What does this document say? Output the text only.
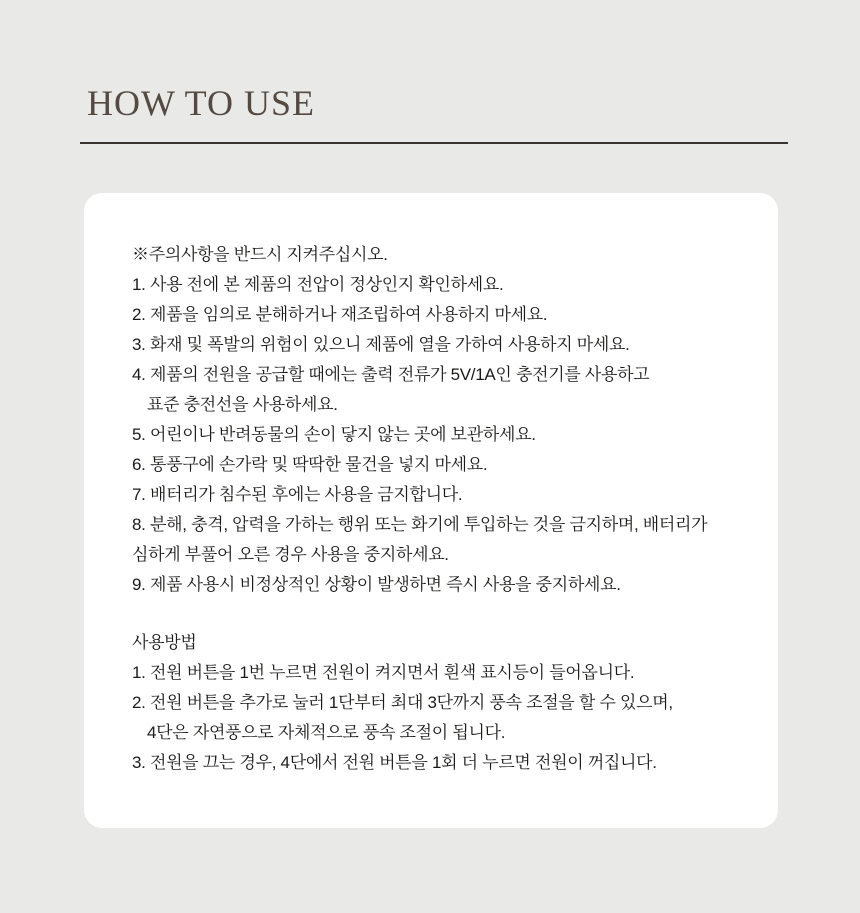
HOW TO USE

※주의사항을 반드시 지켜주십시오.

1. 사용 전에 본 제품의 전압이 정상인지 확인하세요.

2. 제품을 임의로 분해하거나 재조립하여 사용하지 마세요.

3. 화재 및 폭발의 위험이 있으니 제품에 열을 가하여 사용하지 마세요.

4. 제품의 전원을 공급할 때에는 출력 전류가 5V/1A인 충전기를 사용하고

표준 충전선을 사용하세요.

5. 어린이나 반려동물의 손이 닿지 않는 곳에 보관하세요.

6. 통풍구에 손가락 및 딱딱한 물건을 넣지 마세요.

7. 배터리가 침수된 후에는 사용을 금지합니다.

8. 분해, 충격, 압력을 가하는 행위 또는 화기에 투입하는 것을 금지하며, 배터리가

심하게 부풀어 오른 경우 사용을 중지하세요.

9. 제품 사용시 비정상적인 상황이 발생하면 즉시 사용을 중지하세요.

사용방법

1. 전원 버튼을 1번 누르면 전원이 켜지면서 흰색 표시등이 들어옵니다.

2. 전원 버튼을 추가로 눌러 1단부터 최대 3단까지 풍속 조절을 할 수 있으며,

4단은 자연풍으로 자체적으로 풍속 조절이 됩니다.

3. 전원을 끄는 경우, 4단에서 전원 버튼을 1회 더 누르면 전원이 꺼집니다.
